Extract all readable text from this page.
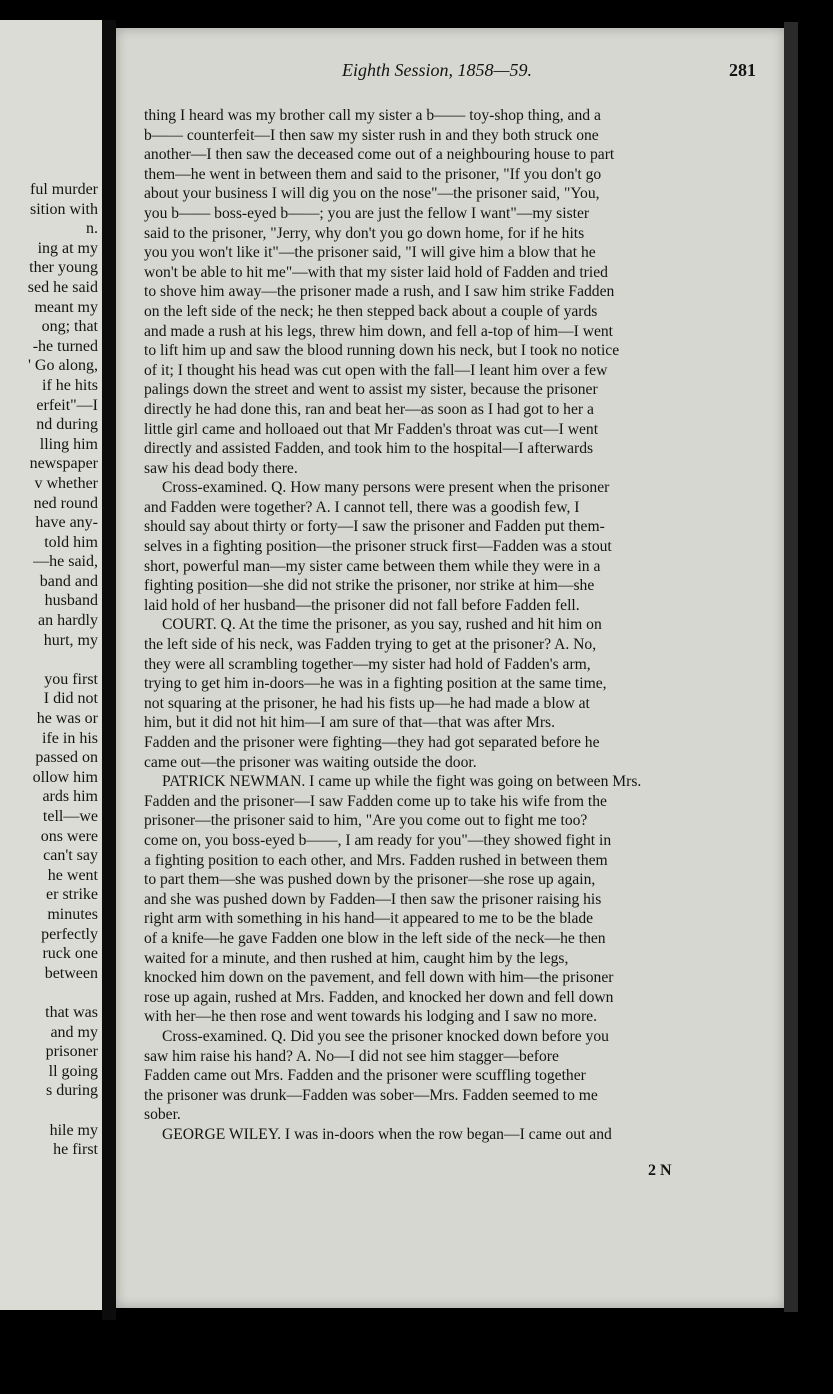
ful murder
sition with
n.
ing at my
ther young
sed he said
meant my
ong; that
-he turned
' Go along,
if he hits
erfeit"—I
nd during
lling him
newspaper
v whether
ned round
have any-
told him
—he said,
band and
husband
an hardly
hurt, my
you first
I did not
he was or
ife in his
passed on
ollow him
ards him
tell—we
ons were
can't say
he went
er strike
minutes
perfectly
ruck one
between
that was
and my
prisoner
ll going
s during
hile my
he first
Eighth Session, 1858—59.	281
thing I heard was my brother call my sister a b—— toy-shop thing, and a
b—— counterfeit—I then saw my sister rush in and they both struck one
another—I then saw the deceased come out of a neighbouring house to part
them—he went in between them and said to the prisoner, "If you don't go
about your business I will dig you on the nose"—the prisoner said, "You,
you b—— boss-eyed b——; you are just the fellow I want"—my sister
said to the prisoner, "Jerry, why don't you go down home, for if he hits
you you won't like it"—the prisoner said, "I will give him a blow that he
won't be able to hit me"—with that my sister laid hold of Fadden and tried
to shove him away—the prisoner made a rush, and I saw him strike Fadden
on the left side of the neck; he then stepped back about a couple of yards
and made a rush at his legs, threw him down, and fell a-top of him—I went
to lift him up and saw the blood running down his neck, but I took no notice
of it; I thought his head was cut open with the fall—I leant him over a few
palings down the street and went to assist my sister, because the prisoner
directly he had done this, ran and beat her—as soon as I had got to her a
little girl came and holloaed out that Mr Fadden's throat was cut—I went
directly and assisted Fadden, and took him to the hospital—I afterwards
saw his dead body there.
Cross-examined. Q. How many persons were present when the prisoner
and Fadden were together? A. I cannot tell, there was a goodish few, I
should say about thirty or forty—I saw the prisoner and Fadden put them-
selves in a fighting position—the prisoner struck first—Fadden was a stout
short, powerful man—my sister came between them while they were in a
fighting position—she did not strike the prisoner, nor strike at him—she
laid hold of her husband—the prisoner did not fall before Fadden fell.
COURT. Q. At the time the prisoner, as you say, rushed and hit him on
the left side of his neck, was Fadden trying to get at the prisoner? A. No,
they were all scrambling together—my sister had hold of Fadden's arm,
trying to get him in-doors—he was in a fighting position at the same time,
not squaring at the prisoner, he had his fists up—he had made a blow at
him, but it did not hit him—I am sure of that—that was after Mrs.
Fadden and the prisoner were fighting—they had got separated before he
came out—the prisoner was waiting outside the door.
PATRICK NEWMAN. I came up while the fight was going on between Mrs.
Fadden and the prisoner—I saw Fadden come up to take his wife from the
prisoner—the prisoner said to him, "Are you come out to fight me too?
come on, you boss-eyed b——, I am ready for you"—they showed fight in
a fighting position to each other, and Mrs. Fadden rushed in between them
to part them—she was pushed down by the prisoner—she rose up again,
and she was pushed down by Fadden—I then saw the prisoner raising his
right arm with something in his hand—it appeared to me to be the blade
of a knife—he gave Fadden one blow in the left side of the neck—he then
waited for a minute, and then rushed at him, caught him by the legs,
knocked him down on the pavement, and fell down with him—the prisoner
rose up again, rushed at Mrs. Fadden, and knocked her down and fell down
with her—he then rose and went towards his lodging and I saw no more.
Cross-examined. Q. Did you see the prisoner knocked down before you
saw him raise his hand? A. No—I did not see him stagger—before
Fadden came out Mrs. Fadden and the prisoner were scuffling together
the prisoner was drunk—Fadden was sober—Mrs. Fadden seemed to me
sober.
GEORGE WILEY. I was in-doors when the row began—I came out and
2 N
